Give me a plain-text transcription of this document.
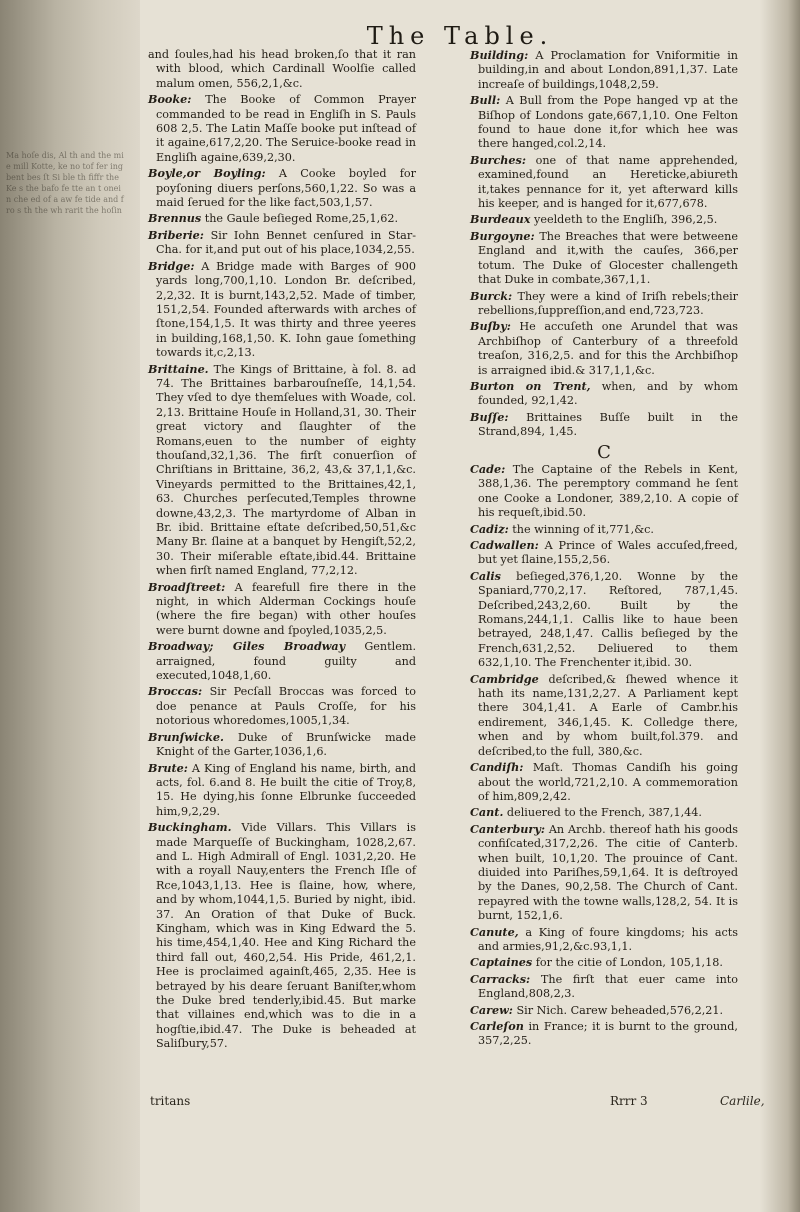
Ma hoſe dis, Al th and the mie mill Kotte, ke no tof fer ing bent bes ſt Si ble th fiffr the Ke s the bafo fe tte an t onein che ed of a aw fe tide and fro s th the wh rarit the hoſin
The Table.
and ſoules,had his head broken,ſo that it ran with blood, which Cardinall Woolſie called malum omen, 556,2,1,&c.
Booke: The Booke of Common Prayer commanded to be read in Engliſh in S. Pauls 608 2,5. The Latin Maſſe booke put inſtead of it againe,617,2,20. The Seruice-booke read in Engliſh againe,639,2,30.
Boyle,or Boyling: A Cooke boyled for poyſoning diuers perſons,560,1,22. So was a maid ſerued for the like fact,503,1,57.
Brennus the Gaule beſieged Rome,25,1,62.
Briberie: Sir Iohn Bennet cenſured in Star-Cha. for it,and put out of his place,1034,2,55.
Bridge: A Bridge made with Barges of 900 yards long,700,1,10. London Br. deſcribed, 2,2,32. It is burnt,143,2,52. Made of timber, 151,2,54. Founded afterwards with arches of ſtone,154,1,5. It was thirty and three yeeres in building,168,1,50. K. Iohn gaue ſomething towards it,c,2,13.
Brittaine. The Kings of Brittaine, à fol. 8. ad 74. The Brittaines barbarouſneſſe, 14,1,54. They vſed to dye themſelues with Woade, col. 2,13. Brittaine Houſe in Holland,31, 30. Their great victory and ſlaughter of the Romans,euen to the number of eighty thouſand,32,1,36. The firſt conuerſion of Chriſtians in Brittaine, 36,2, 43,& 37,1,1,&c. Vineyards permitted to the Brittaines,42,1, 63. Churches perſecuted,Temples throwne downe,43,2,3. The martyrdome of Alban in Br. ibid. Brittaine eſtate deſcribed,50,51,&c Many Br. ſlaine at a banquet by Hengiſt,52,2, 30. Their miſerable eſtate,ibid.44. Brittaine when firſt named England, 77,2,12.
Broadſtreet: A fearefull fire there in the night, in which Alderman Cockings houſe (where the fire began) with other houſes were burnt downe and ſpoyled,1035,2,5.
Broadway; Giles Broadway Gentlem. arraigned, found guilty and executed,1048,1,60.
Broccas: Sir Pecſall Broccas was forced to doe penance at Pauls Croſſe, for his notorious whoredomes,1005,1,34.
Brunſwicke. Duke of Brunſwicke made Knight of the Garter,1036,1,6.
Brute: A King of England his name, birth, and acts, fol. 6.and 8. He built the citie of Troy,8, 15. He dying,his ſonne Elbrunke ſucceeded him,9,2,29.
Buckingham. Vide Villars. This Villars is made Marqueſſe of Buckingham, 1028,2,67. and L. High Admirall of Engl. 1031,2,20. He with a royall Nauy,enters the French Iſle of Rce,1043,1,13. Hee is ſlaine, how, where, and by whom,1044,1,5. Buried by night, ibid. 37. An Oration of that Duke of Buck. Kingham, which was in King Edward the 5. his time,454,1,40. Hee and King Richard the third fall out, 460,2,54. His Pride, 461,2,1. Hee is proclaimed againſt,465, 2,35. Hee is betrayed by his deare ſeruant Baniſter,whom the Duke bred tenderly,ibid.45. But marke that villaines end,which was to die in a hogſtie,ibid.47. The Duke is beheaded at Saliſbury,57.
Building: A Proclamation for Vniformitie in building,in and about London,891,1,37. Late increaſe of buildings,1048,2,59.
Bull: A Bull from the Pope hanged vp at the Biſhop of Londons gate,667,1,10. One Felton found to haue done it,for which hee was there hanged,col.2,14.
Burches: one of that name apprehended, examined,found an Hereticke,abiureth it,takes pennance for it, yet afterward kills his keeper, and is hanged for it,677,678.
Burdeaux yeeldeth to the Engliſh, 396,2,5.
Burgoyne: The Breaches that were betweene England and it,with the cauſes, 366,per totum. The Duke of Glocester challengeth that Duke in combate,367,1,1.
Burck: They were a kind of Iriſh rebels;their rebellions,ſuppreſſion,and end,723,723.
Buſby: He accuſeth one Arundel that was Archbiſhop of Canterbury of a threefold treaſon, 316,2,5. and for this the Archbiſhop is arraigned ibid.& 317,1,1,&c.
Burton on Trent, when, and by whom founded, 92,1,42.
Buſſe: Brittaines Buſſe built in the Strand,894, 1,45.
C
Cade: The Captaine of the Rebels in Kent, 388,1,36. The peremptory command he ſent one Cooke a Londoner, 389,2,10. A copie of his requeſt,ibid.50.
Cadiz: the winning of it,771,&c.
Cadwallen: A Prince of Wales accuſed,freed, but yet ſlaine,155,2,56.
Calis beſieged,376,1,20. Wonne by the Spaniard,770,2,17. Reſtored, 787,1,45. Deſcribed,243,2,60. Built by the Romans,244,1,1. Callis like to haue been betrayed, 248,1,47. Callis beſieged by the French,631,2,52. Deliuered to them 632,1,10. The Frenchenter it,ibid. 30.
Cambridge deſcribed,& ſhewed whence it hath its name,131,2,27. A Parliament kept there 304,1,41. A Earle of Cambr.his endirement, 346,1,45. K. Colledge there, when and by whom built,fol.379. and deſcribed,to the full, 380,&c.
Candiſh: Maſt. Thomas Candiſh his going about the world,721,2,10. A commemoration of him,809,2,42.
Cant. deliuered to the French, 387,1,44.
Canterbury: An Archb. thereof hath his goods confiſcated,317,2,26. The citie of Canterb. when built, 10,1,20. The prouince of Cant. diuided into Pariſhes,59,1,64. It is deſtroyed by the Danes, 90,2,58. The Church of Cant. repayred with the towne walls,128,2, 54. It is burnt, 152,1,6.
Canute, a King of foure kingdoms; his acts and armies,91,2,&c.93,1,1.
Captaines for the citie of London, 105,1,18.
Carracks: The firſt that euer came into England,808,2,3.
Carew: Sir Nich. Carew beheaded,576,2,21.
Carleſon in France; it is burnt to the ground, 357,2,25.
tritans	Rrrr 3	Carlile,
